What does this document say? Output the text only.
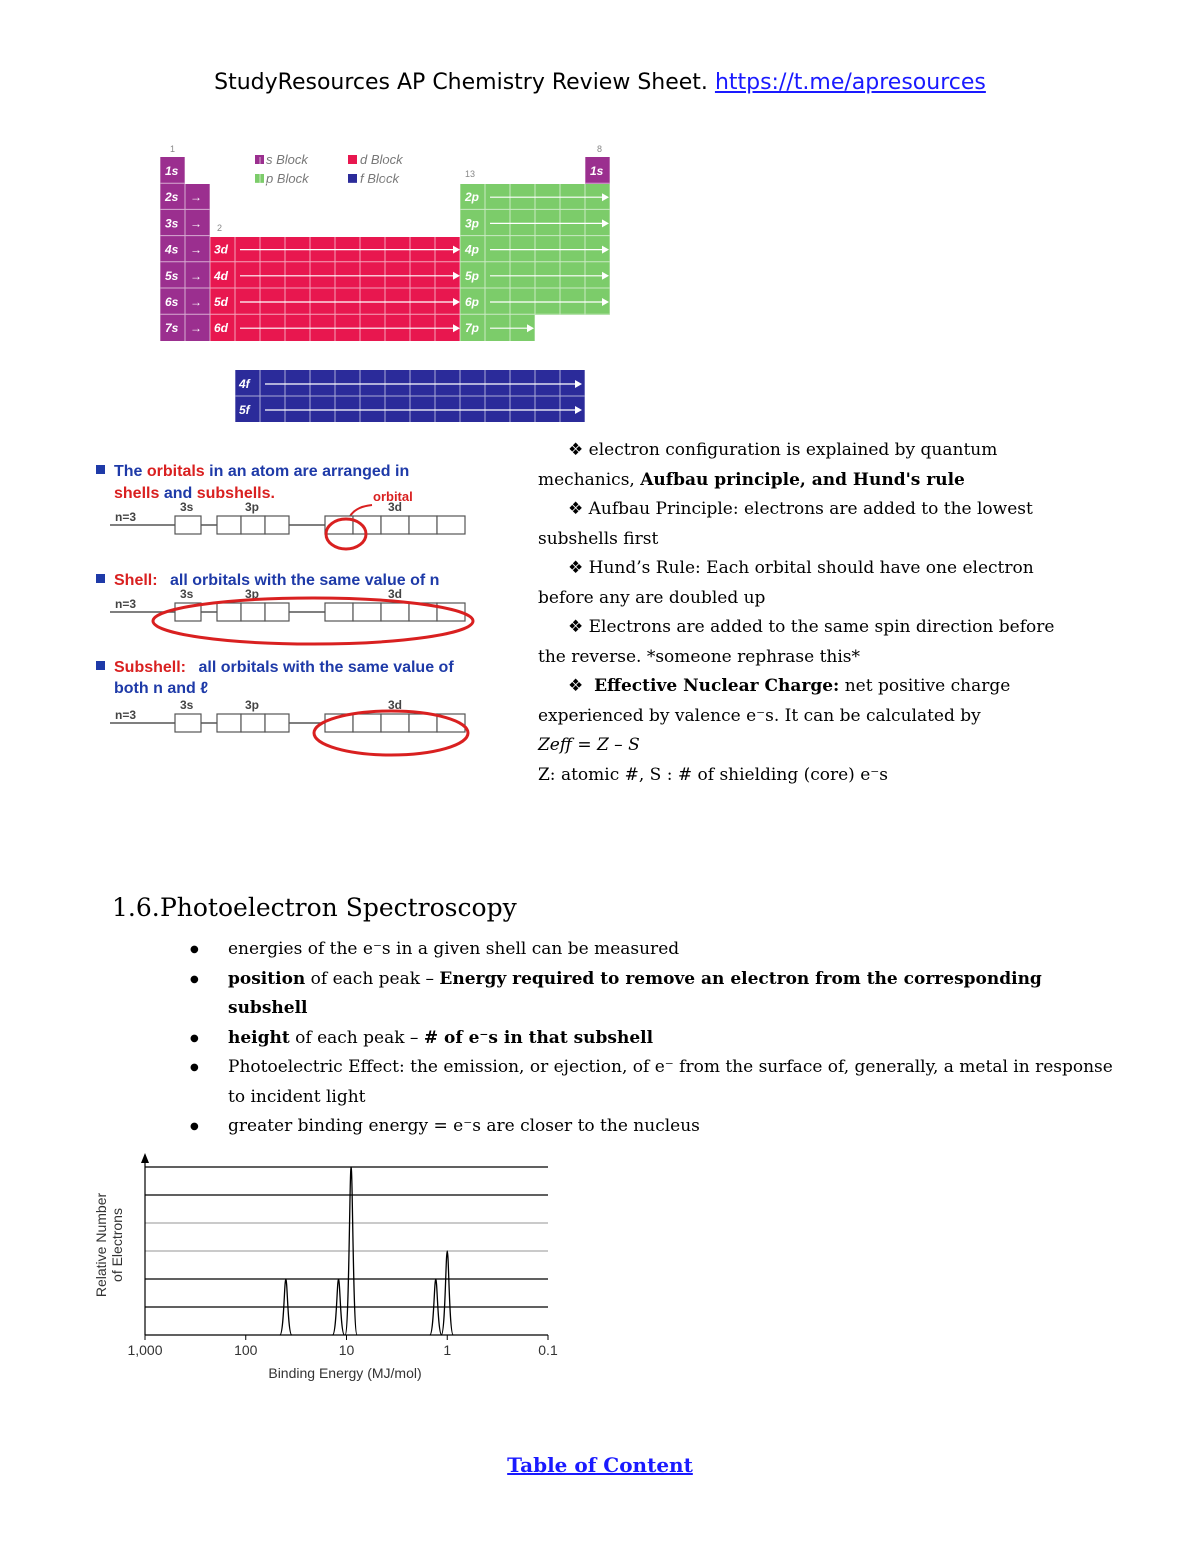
StudyResources AP Chemistry Review Sheet. https://t.me/apresources
1
13
8
2
s Block
p Block
d Block
f Block
1s
2s →
3s →
4s →
5s →
6s →
7s →
3d
4d
5d
6d
2p
3p
4p
5p
6p
7p
1s
4f
5f
The orbitals in an atom are arranged in
shells and subshells.
Shell: all orbitals with the same value of n
Subshell: all orbitals with the same value of
both n and ℓ
orbital
n=3
3s	3p	3d
n=3
3s	3p	3d
n=3
3s	3p	3d

❖ electron configuration is explained by quantum

mechanics, Aufbau principle, and Hund's rule

❖ Aufbau Principle: electrons are added to the lowest

subshells first

❖ Hund’s Rule: Each orbital should have one electron

before any are doubled up

❖ Electrons are added to the same spin direction before

the reverse. *someone rephrase this*

❖ Effective Nuclear Charge: net positive charge

experienced by valence e⁻s. It can be calculated by

Zeff = Z – S

Z: atomic #, S : # of shielding (core) e⁻s

1.6. Photoelectron Spectroscopy
● energies of the e⁻s in a given shell can be measured
● position of each peak – Energy required to remove an electron from the corresponding subshell
● height of each peak – # of e⁻s in that subshell
● Photoelectric Effect: the emission, or ejection, of e⁻ from the surface of, generally, a metal in response to incident light
● greater binding energy = e⁻s are closer to the nucleus
1,000	100	10	1	0.1
Binding Energy (MJ/mol)
Relative Number of Electrons
Table of Content
